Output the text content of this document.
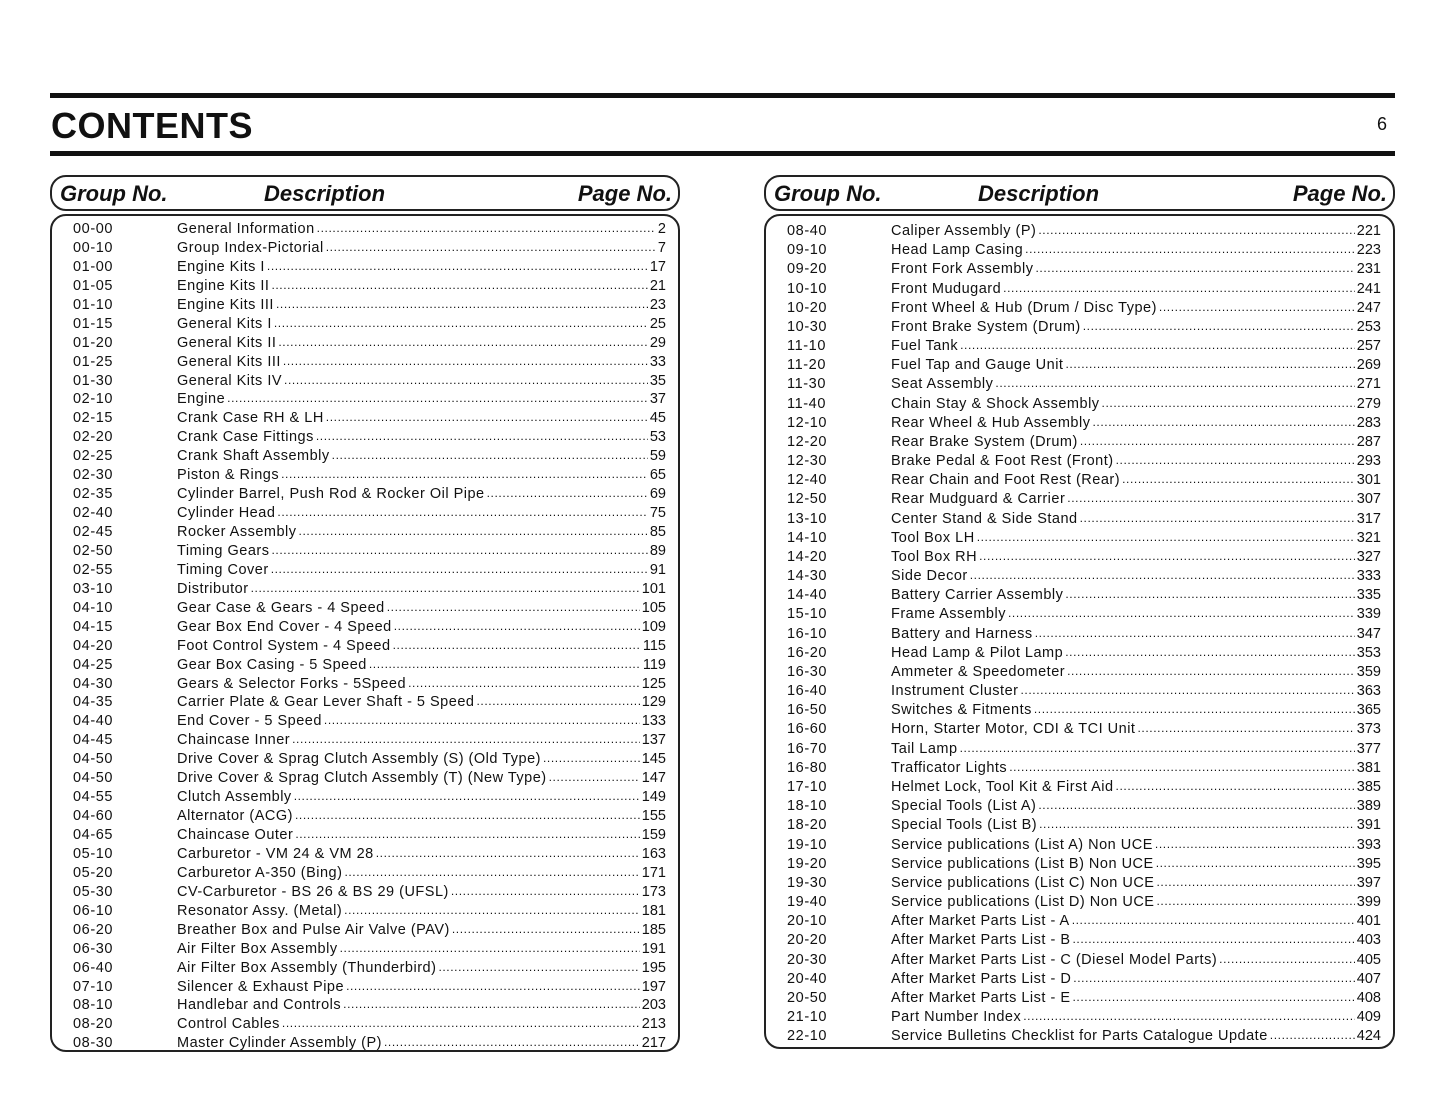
CONTENTS	6
Group No.	Description	Page No.
00-00	General Information .....	2
00-10	Group Index-Pictorial .....	7
01-00	Engine Kits I .....	17
01-05	Engine Kits II .....	21
01-10	Engine Kits III .....	23
01-15	General Kits I .....	25
01-20	General Kits II .....	29
01-25	General Kits III .....	33
01-30	General Kits IV .....	35
02-10	Engine .....	37
02-15	Crank Case RH & LH .....	45
02-20	Crank Case Fittings .....	53
02-25	Crank Shaft Assembly .....	59
02-30	Piston & Rings .....	65
02-35	Cylinder Barrel, Push Rod & Rocker Oil Pipe .....	69
02-40	Cylinder Head .....	75
02-45	Rocker Assembly .....	85
02-50	Timing Gears .....	89
02-55	Timing Cover .....	91
03-10	Distributor .....	101
04-10	Gear Case & Gears - 4 Speed .....	105
04-15	Gear Box End Cover - 4 Speed .....	109
04-20	Foot Control System - 4 Speed .....	115
04-25	Gear Box Casing - 5 Speed .....	119
04-30	Gears & Selector Forks - 5Speed .....	125
04-35	Carrier Plate & Gear Lever Shaft - 5 Speed .....	129
04-40	End Cover - 5 Speed .....	133
04-45	Chaincase Inner .....	137
04-50	Drive Cover & Sprag Clutch Assembly (S) (Old Type) .....	145
04-50	Drive Cover & Sprag Clutch Assembly (T) (New Type) .....	147
04-55	Clutch Assembly .....	149
04-60	Alternator (ACG) .....	155
04-65	Chaincase Outer .....	159
05-10	Carburetor - VM 24 & VM 28 .....	163
05-20	Carburetor A-350 (Bing) .....	171
05-30	CV-Carburetor - BS 26 & BS 29 (UFSL) .....	173
06-10	Resonator Assy. (Metal) .....	181
06-20	Breather Box and Pulse Air Valve (PAV) .....	185
06-30	Air Filter Box Assembly .....	191
06-40	Air Filter Box Assembly (Thunderbird) .....	195
07-10	Silencer & Exhaust Pipe .....	197
08-10	Handlebar and Controls .....	203
08-20	Control Cables .....	213
08-30	Master Cylinder Assembly (P) .....	217
Group No.	Description	Page No.
08-40	Caliper Assembly (P) .....	221
09-10	Head Lamp Casing .....	223
09-20	Front Fork Assembly .....	231
10-10	Front Mudugard .....	241
10-20	Front Wheel & Hub (Drum / Disc Type) .....	247
10-30	Front Brake System (Drum) .....	253
11-10	Fuel Tank .....	257
11-20	Fuel Tap and Gauge Unit .....	269
11-30	Seat Assembly .....	271
11-40	Chain Stay & Shock Assembly .....	279
12-10	Rear Wheel & Hub Assembly .....	283
12-20	Rear Brake System (Drum) .....	287
12-30	Brake Pedal & Foot Rest (Front) .....	293
12-40	Rear Chain and Foot Rest (Rear) .....	301
12-50	Rear Mudguard & Carrier .....	307
13-10	Center Stand & Side Stand .....	317
14-10	Tool Box LH .....	321
14-20	Tool Box RH .....	327
14-30	Side Decor .....	333
14-40	Battery Carrier Assembly .....	335
15-10	Frame Assembly .....	339
16-10	Battery and Harness .....	347
16-20	Head Lamp & Pilot Lamp .....	353
16-30	Ammeter & Speedometer .....	359
16-40	Instrument Cluster .....	363
16-50	Switches & Fitments .....	365
16-60	Horn, Starter Motor, CDI & TCI Unit .....	373
16-70	Tail Lamp .....	377
16-80	Trafficator Lights .....	381
17-10	Helmet Lock, Tool Kit & First Aid .....	385
18-10	Special Tools (List A) .....	389
18-20	Special Tools (List B) .....	391
19-10	Service publications (List A) Non UCE .....	393
19-20	Service publications (List B) Non UCE .....	395
19-30	Service publications (List C) Non UCE .....	397
19-40	Service publications (List D) Non UCE .....	399
20-10	After Market Parts List - A .....	401
20-20	After Market Parts List - B .....	403
20-30	After Market Parts List - C (Diesel Model Parts) .....	405
20-40	After Market Parts List - D .....	407
20-50	After Market Parts List - E .....	408
21-10	Part Number Index .....	409
22-10	Service Bulletins Checklist for Parts Catalogue Update .....	424
